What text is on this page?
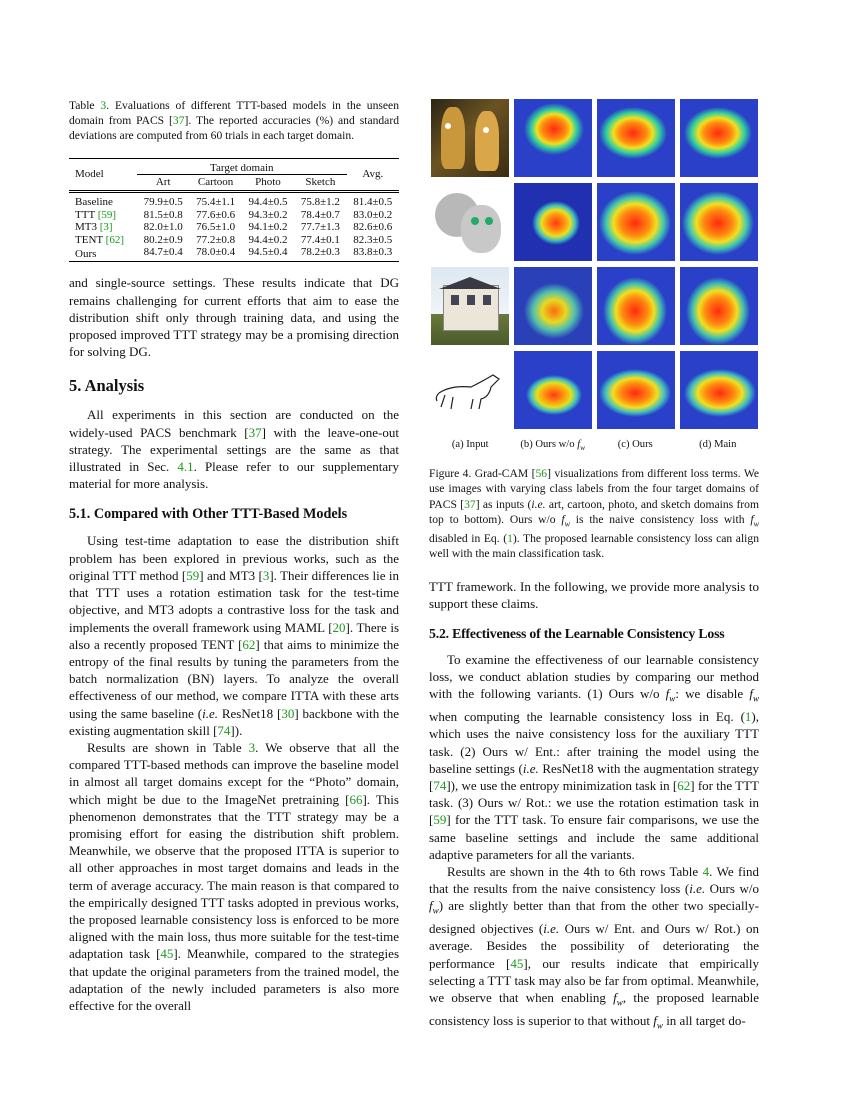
Table 3. Evaluations of different TTT-based models in the unseen domain from PACS [37]. The reported accuracies (%) and standard deviations are computed from 60 trials in each target domain.

Model	Target domain				Avg.
	Art	Cartoon	Photo	Sketch	
Baseline	79.9±0.5	75.4±1.1	94.4±0.5	75.8±1.2	81.4±0.5
TTT [59]	81.5±0.8	77.6±0.6	94.3±0.2	78.4±0.7	83.0±0.2
MT3 [3]	82.0±1.0	76.5±1.0	94.1±0.2	77.7±1.3	82.6±0.6
TENT [62]	80.2±0.9	77.2±0.8	94.4±0.2	77.4±0.1	82.3±0.5
Ours	84.7±0.4	78.0±0.4	94.5±0.4	78.2±0.3	83.8±0.3

and single-source settings. These results indicate that DG remains challenging for current efforts that aim to ease the distribution shift only through training data, and using the proposed improved TTT strategy may be a promising direction for solving DG.

5. Analysis

All experiments in this section are conducted on the widely-used PACS benchmark [37] with the leave-one-out strategy. The experimental settings are the same as that illustrated in Sec. 4.1. Please refer to our supplementary material for more analysis.

5.1. Compared with Other TTT-Based Models

Using test-time adaptation to ease the distribution shift problem has been explored in previous works, such as the original TTT method [59] and MT3 [3]. Their differences lie in that TTT uses a rotation estimation task for the test-time objective, and MT3 adopts a contrastive loss for the task and implements the overall framework using MAML [20]. There is also a recently proposed TENT [62] that aims to minimize the entropy of the final results by tuning the parameters from the batch normalization (BN) layers. To analyze the overall effectiveness of our method, we compare ITTA with these arts using the same baseline (i.e. ResNet18 [30] backbone with the existing augmentation skill [74]).

Results are shown in Table 3. We observe that all the compared TTT-based methods can improve the baseline model in almost all target domains except for the “Photo” domain, which might be due to the ImageNet pretraining [66]. This phenomenon demonstrates that the TTT strategy may be a promising effort for easing the distribution shift problem. Meanwhile, we observe that the proposed ITTA is superior to all other approaches in most target domains and leads in the term of average accuracy. The main reason is that compared to the empirically designed TTT tasks adopted in previous works, the proposed learnable consistency loss is enforced to be more aligned with the main loss, thus more suitable for the test-time adaptation task [45]. Meanwhile, compared to the strategies that update the original parameters from the trained model, the adaptation of the newly included parameters is also more effective for the overall

(a) Input	(b) Ours w/o $f_w$	(c) Ours	(d) Main

Figure 4. Grad-CAM [56] visualizations from different loss terms. We use images with varying class labels from the four target domains of PACS [37] as inputs (i.e. art, cartoon, photo, and sketch domains from top to bottom). Ours w/o $f_w$ is the naive consistency loss with $f_w$ disabled in Eq. (1). The proposed learnable consistency loss can align well with the main classification task.

TTT framework. In the following, we provide more analysis to support these claims.

5.2. Effectiveness of the Learnable Consistency Loss

To examine the effectiveness of our learnable consistency loss, we conduct ablation studies by comparing our method with the following variants. (1) Ours w/o $f_w$: we disable $f_w$ when computing the learnable consistency loss in Eq. (1), which uses the naive consistency loss for the auxiliary TTT task. (2) Ours w/ Ent.: after training the model using the baseline settings (i.e. ResNet18 with the augmentation strategy [74]), we use the entropy minimization task in [62] for the TTT task. (3) Ours w/ Rot.: we use the rotation estimation task in [59] for the TTT task. To ensure fair comparisons, we use the same baseline settings and include the same additional adaptive parameters for all the variants.

Results are shown in the 4th to 6th rows Table 4. We find that the results from the naive consistency loss (i.e. Ours w/o $f_w$) are slightly better than that from the other two specially-designed objectives (i.e. Ours w/ Ent. and Ours w/ Rot.) on average. Besides the possibility of deteriorating the performance [45], our results indicate that empirically selecting a TTT task may also be far from optimal. Meanwhile, we observe that when enabling $f_w$, the proposed learnable consistency loss is superior to that without $f_w$ in all target do-
